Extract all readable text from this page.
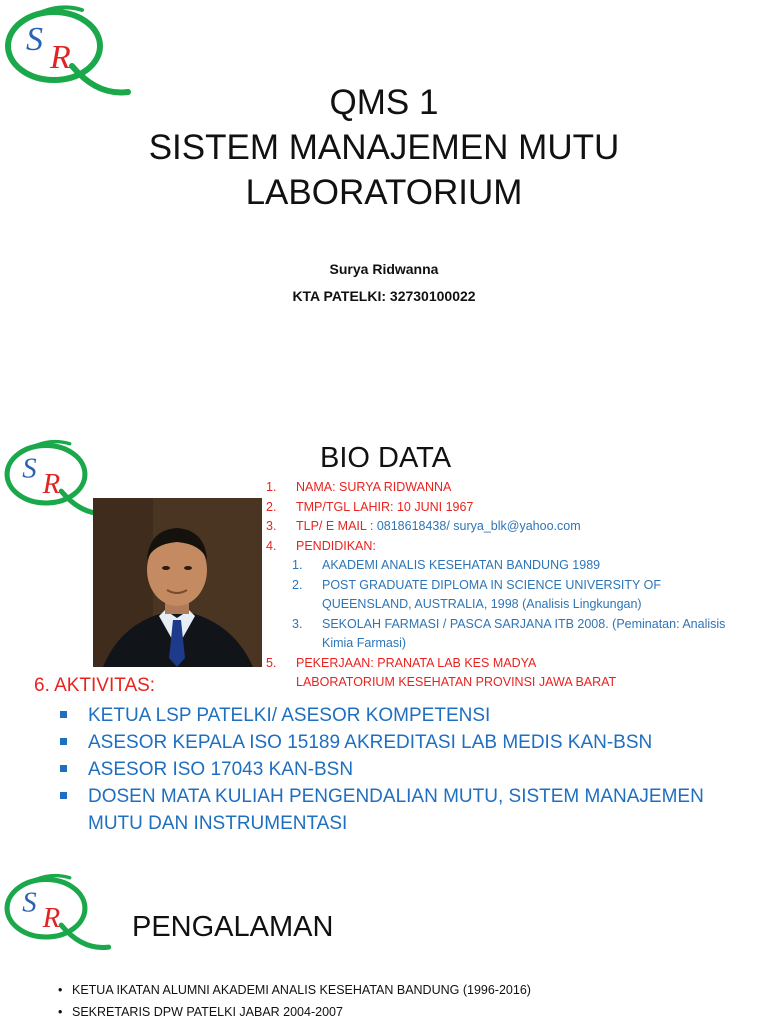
S R
QMS 1
SISTEM MANAJEMEN MUTU
LABORATORIUM
Surya Ridwanna
KTA PATELKI: 32730100022
S R
BIO DATA
1.	NAMA: SURYA RIDWANNA
2.	TMP/TGL LAHIR: 10 JUNI 1967
3.	TLP/ E MAIL : 0818618438/ surya_blk@yahoo.com
4.	PENDIDIKAN:
1. AKADEMI ANALIS KESEHATAN BANDUNG 1989
2. POST GRADUATE DIPLOMA IN SCIENCE UNIVERSITY OF
QUEENSLAND, AUSTRALIA, 1998 (Analisis Lingkungan)
3. SEKOLAH FARMASI / PASCA SARJANA ITB 2008. (Peminatan: Analisis
Kimia Farmasi)
5.	PEKERJAAN: PRANATA LAB KES MADYA
LABORATORIUM KESEHATAN PROVINSI JAWA BARAT
6. AKTIVITAS:
KETUA LSP PATELKI/ ASESOR KOMPETENSI
ASESOR KEPALA ISO 15189 AKREDITASI LAB MEDIS KAN-BSN
ASESOR ISO 17043 KAN-BSN
DOSEN MATA KULIAH PENGENDALIAN MUTU, SISTEM MANAJEMEN
MUTU DAN INSTRUMENTASI
S R PENGALAMAN
• KETUA IKATAN ALUMNI AKADEMI ANALIS KESEHATAN BANDUNG (1996-2016)
• SEKRETARIS DPW PATELKI JABAR 2004-2007
